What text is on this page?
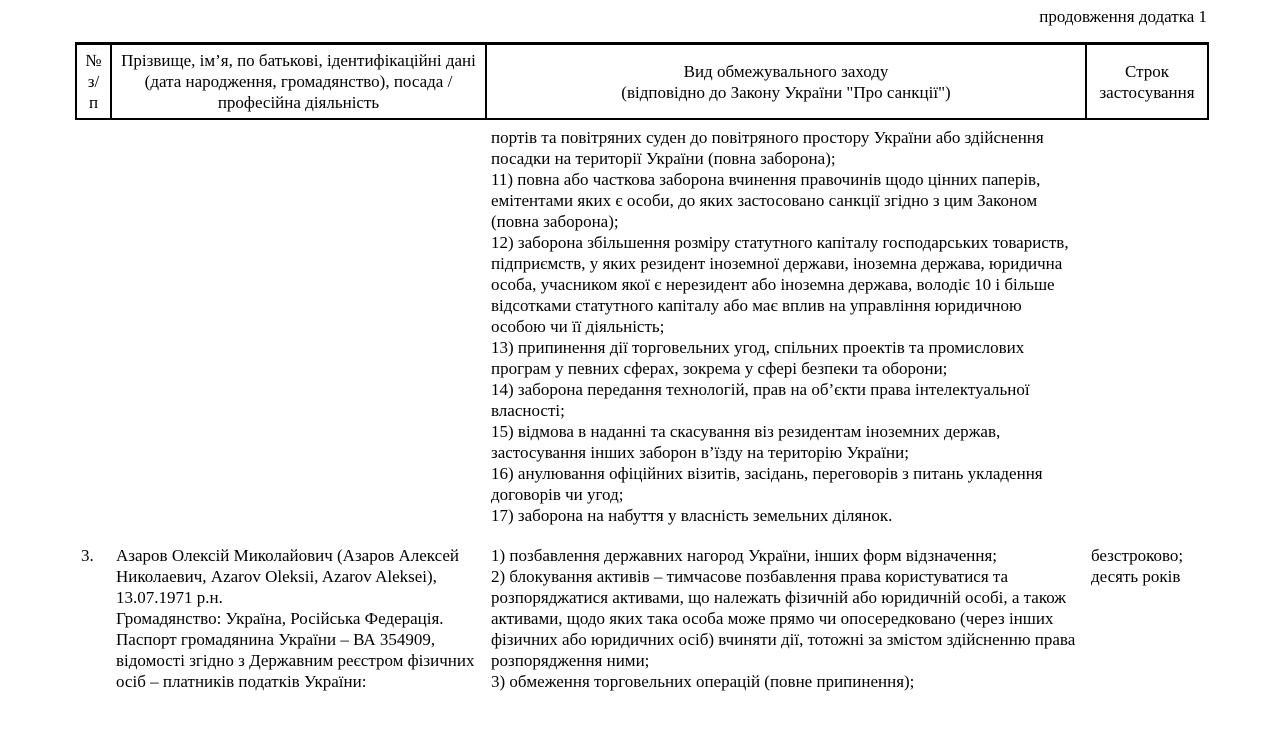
продовження додатка 1
№
з/п	Прізвище, ім’я, по батькові, ідентифікаційні дані (дата народження, громадянство), посада / професійна діяльність	Вид обмежувального заходу
(відповідно до Закону України "Про санкції")	Строк
застосування
		портів та повітряних суден до повітряного простору України або здійснення посадки на території України (повна заборона);
11) повна або часткова заборона вчинення правочинів щодо цінних паперів, емітентами яких є особи, до яких застосовано санкції згідно з цим Законом (повна заборона);
12) заборона збільшення розміру статутного капіталу господарських товариств, підприємств, у яких резидент іноземної держави, іноземна держава, юридична особа, учасником якої є нерезидент або іноземна держава, володіє 10 і більше відсотками статутного капіталу або має вплив на управління юридичною особою чи її діяльність;
13) припинення дії торговельних угод, спільних проектів та промислових програм у певних сферах, зокрема у сфері безпеки та оборони;
14) заборона передання технологій, прав на об’єкти права інтелектуальної власності;
15) відмова в наданні та скасування віз резидентам іноземних держав, застосування інших заборон в’їзду на територію України;
16) анулювання офіційних візитів, засідань, переговорів з питань укладення договорів чи угод;
17) заборона на набуття у власність земельних ділянок.	
3.	Азаров Олексій Миколайович (Азаров Алексей Николаевич, Azarov Oleksii, Azarov Aleksei), 13.07.1971 р.н.
Громадянство: Україна, Російська Федерація.
Паспорт громадянина України – ВА 354909, відомості згідно з Державним реєстром фізичних осіб – платників податків України:	1) позбавлення державних нагород України, інших форм відзначення;
2) блокування активів – тимчасове позбавлення права користуватися та розпоряджатися активами, що належать фізичній або юридичній особі, а також активами, щодо яких така особа може прямо чи опосередковано (через інших фізичних або юридичних осіб) вчиняти дії, тотожні за змістом здійсненню права розпорядження ними;
3) обмеження торговельних операцій (повне припинення);	безстроково;
десять років
